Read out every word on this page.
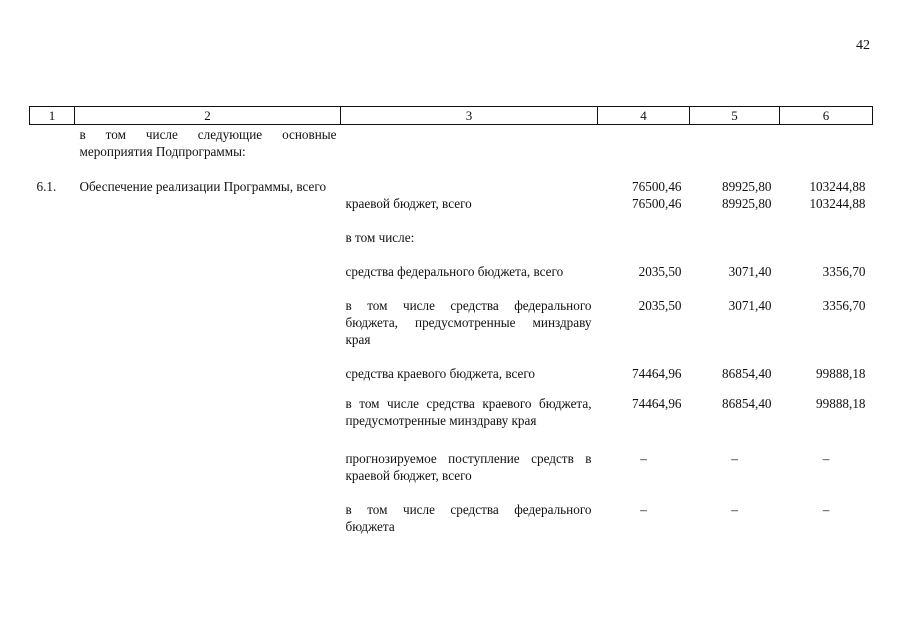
42
1	2	3	4	5	6
	в том числе следующие основные мероприятия Подпрограммы:				
6.1.	Обеспечение реализации Программы, всего		76500,46	89925,80	103244,88
		краевой бюджет, всего	76500,46	89925,80	103244,88
		в том числе:			
		средства федерального бюджета, всего	2035,50	3071,40	3356,70
		в том числе средства федерального бюджета, предусмотренные минздраву края	2035,50	3071,40	3356,70
		средства краевого бюджета, всего	74464,96	86854,40	99888,18
		в том числе средства краевого бюджета, предусмотренные минздраву края	74464,96	86854,40	99888,18
		прогнозируемое поступление средств в краевой бюджет, всего	–	–	–
		в том числе средства федерального бюджета	–	–	–
